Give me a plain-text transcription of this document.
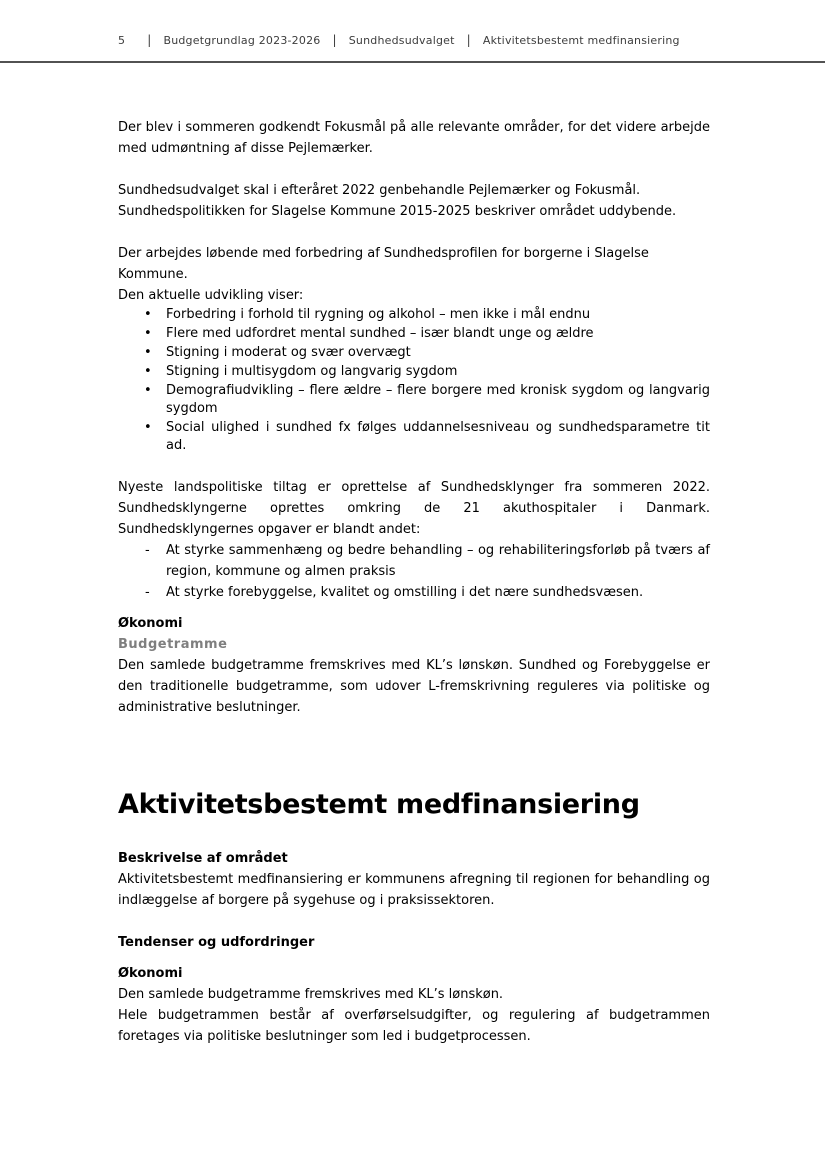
5 | Budgetgrundlag 2023-2026 | Sundhedsudvalget | Aktivitetsbestemt medfinansiering

Der blev i sommeren godkendt Fokusmål på alle relevante områder, for det videre arbejde med udmøntning af disse Pejlemærker.

Sundhedsudvalget skal i efteråret 2022 genbehandle Pejlemærker og Fokusmål.
Sundhedspolitikken for Slagelse Kommune 2015-2025 beskriver området uddybende.
Der arbejdes løbende med forbedring af Sundhedsprofilen for borgerne i Slagelse Kommune.
Den aktuelle udvikling viser:
• Forbedring i forhold til rygning og alkohol – men ikke i mål endnu
• Flere med udfordret mental sundhed – især blandt unge og ældre
• Stigning i moderat og svær overvægt
• Stigning i multisygdom og langvarig sygdom
• Demografiudvikling – flere ældre – flere borgere med kronisk sygdom og langvarig sygdom
• Social ulighed i sundhed fx følges uddannelsesniveau og sundhedsparametre tit ad.

Nyeste landspolitiske tiltag er oprettelse af Sundhedsklynger fra sommeren 2022. Sundhedsklyngerne oprettes omkring de 21 akuthospitaler i Danmark. Sundhedsklyngernes opgaver er blandt andet:

- At styrke sammenhæng og bedre behandling – og rehabiliteringsforløb på tværs af region, kommune og almen praksis
- At styrke forebyggelse, kvalitet og omstilling i det nære sundhedsvæsen.
Økonomi
Budgetramme

Den samlede budgetramme fremskrives med KL’s lønskøn. Sundhed og Forebyggelse er den traditionelle budgetramme, som udover L-fremskrivning reguleres via politiske og administrative beslutninger.

Aktivitetsbestemt medfinansiering
Beskrivelse af området

Aktivitetsbestemt medfinansiering er kommunens afregning til regionen for behandling og indlæggelse af borgere på sygehuse og i praksissektoren.

Tendenser og udfordringer
Økonomi
Den samlede budgetramme fremskrives med KL’s lønskøn.

Hele budgetrammen består af overførselsudgifter, og regulering af budgetrammen foretages via politiske beslutninger som led i budgetprocessen.
